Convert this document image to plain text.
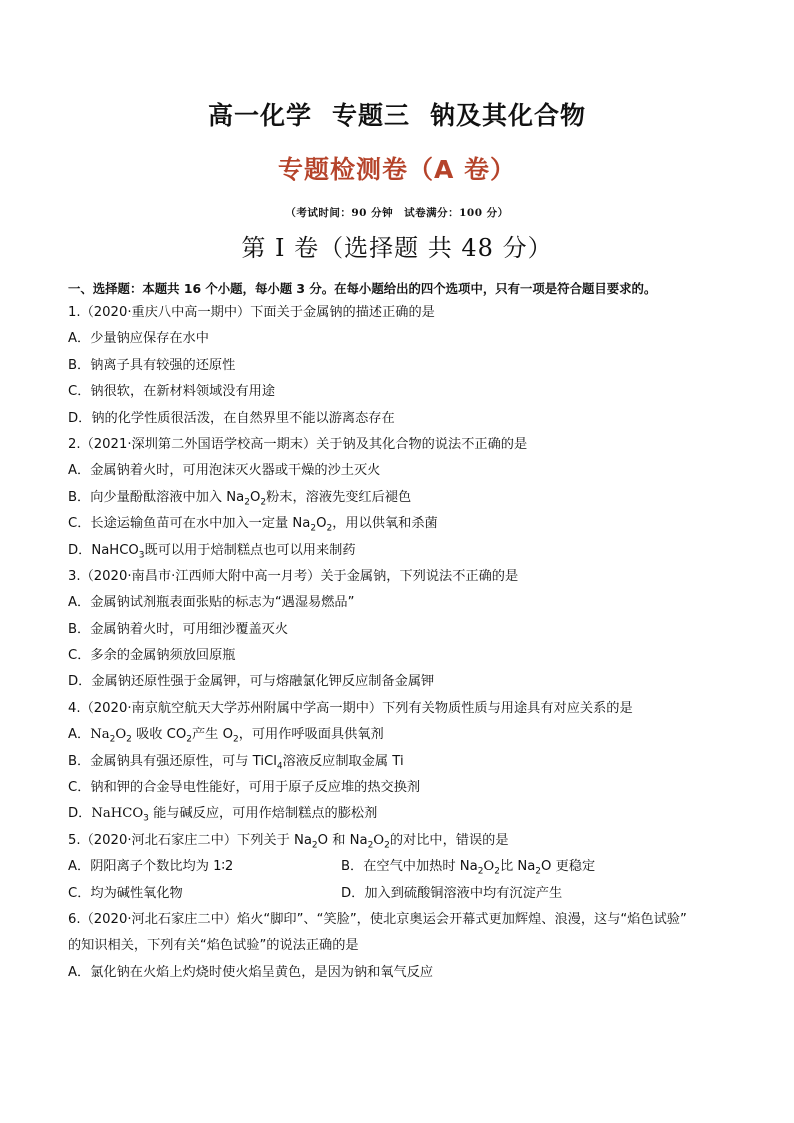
高一化学 专题三 钠及其化合物
专题检测卷（A 卷）
（考试时间：90 分钟　试卷满分：100 分）
第 I 卷（选择题 共 48 分）
一、选择题：本题共 16 个小题，每小题 3 分。在每小题给出的四个选项中，只有一项是符合题目要求的。
1.（2020·重庆八中高一期中）下面关于金属钠的描述正确的是
A．少量钠应保存在水中
B．钠离子具有较强的还原性
C．钠很软，在新材料领域没有用途
D．钠的化学性质很活泼，在自然界里不能以游离态存在
2.（2021·深圳第二外国语学校高一期末）关于钠及其化合物的说法不正确的是
A．金属钠着火时，可用泡沫灭火器或干燥的沙土灭火
B．向少量酚酞溶液中加入 $Na_2O_2$粉末，溶液先变红后褪色
C．长途运输鱼苗可在水中加入一定量 $Na_2O_2$，用以供氧和杀菌
D．NaHCO$_3$既可以用于焙制糕点也可以用来制药
3.（2020·南昌市·江西师大附中高一月考）关于金属钠，下列说法不正确的是
A．金属钠试剂瓶表面张贴的标志为“遇湿易燃品”
B．金属钠着火时，可用细沙覆盖灭火
C．多余的金属钠须放回原瓶
D．金属钠还原性强于金属钾，可与熔融氯化钾反应制备金属钾
4.（2020·南京航空航天大学苏州附属中学高一期中）下列有关物质性质与用途具有对应关系的是
A．$Na_2O_2$ 吸收 $CO_2$产生 $O_2$，可用作呼吸面具供氧剂
B．金属钠具有强还原性，可与 TiCl$_4$溶液反应制取金属 Ti
C．钠和钾的合金导电性能好，可用于原子反应堆的热交换剂
D．NaHCO$_3$ 能与碱反应，可用作焙制糕点的膨松剂
5.（2020·河北石家庄二中）下列关于 $Na_2O$ 和 $Na_2O_2$的对比中，错误的是
A．阴阳离子个数比均为 1∶2	B．在空气中加热时 $Na_2O_2$比 $Na_2O$ 更稳定
C．均为碱性氧化物	D．加入到硫酸铜溶液中均有沉淀产生
6.（2020·河北石家庄二中）焰火“脚印”、“笑脸”，使北京奥运会开幕式更加辉煌、浪漫，这与“焰色试验”
的知识相关，下列有关“焰色试验”的说法正确的是
A．氯化钠在火焰上灼烧时使火焰呈黄色，是因为钠和氧气反应
